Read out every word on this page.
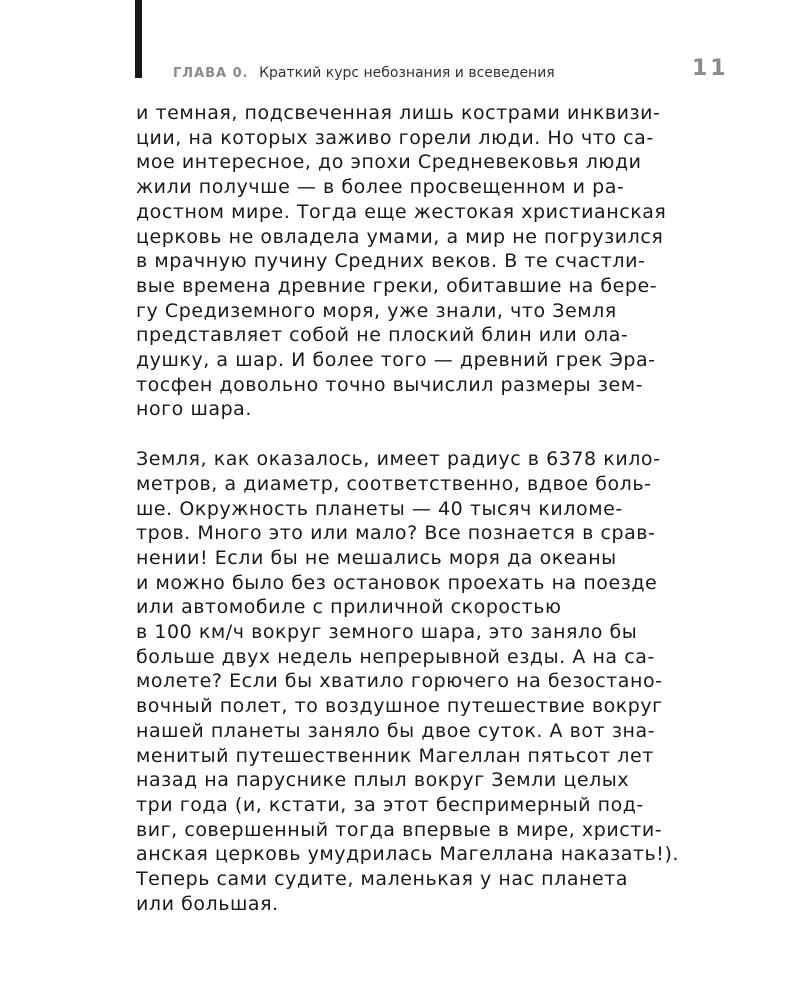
ГЛАВА 0. Краткий курс небознания и всеведения	11
и темная, подсвеченная лишь кострами инквизи-
ции, на которых заживо горели люди. Но что са-
мое интересное, до эпохи Средневековья люди
жили получше — в более просвещенном и ра-
достном мире. Тогда еще жестокая христианская
церковь не овладела умами, а мир не погрузился
в мрачную пучину Средних веков. В те счастли-
вые времена древние греки, обитавшие на бере-
гу Средиземного моря, уже знали, что Земля
представляет собой не плоский блин или ола-
душку, а шар. И более того — древний грек Эра-
тосфен довольно точно вычислил размеры зем-
ного шара.
Земля, как оказалось, имеет радиус в 6378 кило-
метров, а диаметр, соответственно, вдвое боль-
ше. Окружность планеты — 40 тысяч киломе-
тров. Много это или мало? Все познается в срав-
нении! Если бы не мешались моря да океаны
и можно было без остановок проехать на поезде
или автомобиле с приличной скоростью
в 100 км/ч вокруг земного шара, это заняло бы
больше двух недель непрерывной езды. А на са-
молете? Если бы хватило горючего на безостано-
вочный полет, то воздушное путешествие вокруг
нашей планеты заняло бы двое суток. А вот зна-
менитый путешественник Магеллан пятьсот лет
назад на паруснике плыл вокруг Земли целых
три года (и, кстати, за этот беспримерный под-
виг, совершенный тогда впервые в мире, христи-
анская церковь умудрилась Магеллана наказать!).
Теперь сами судите, маленькая у нас планета
или большая.
